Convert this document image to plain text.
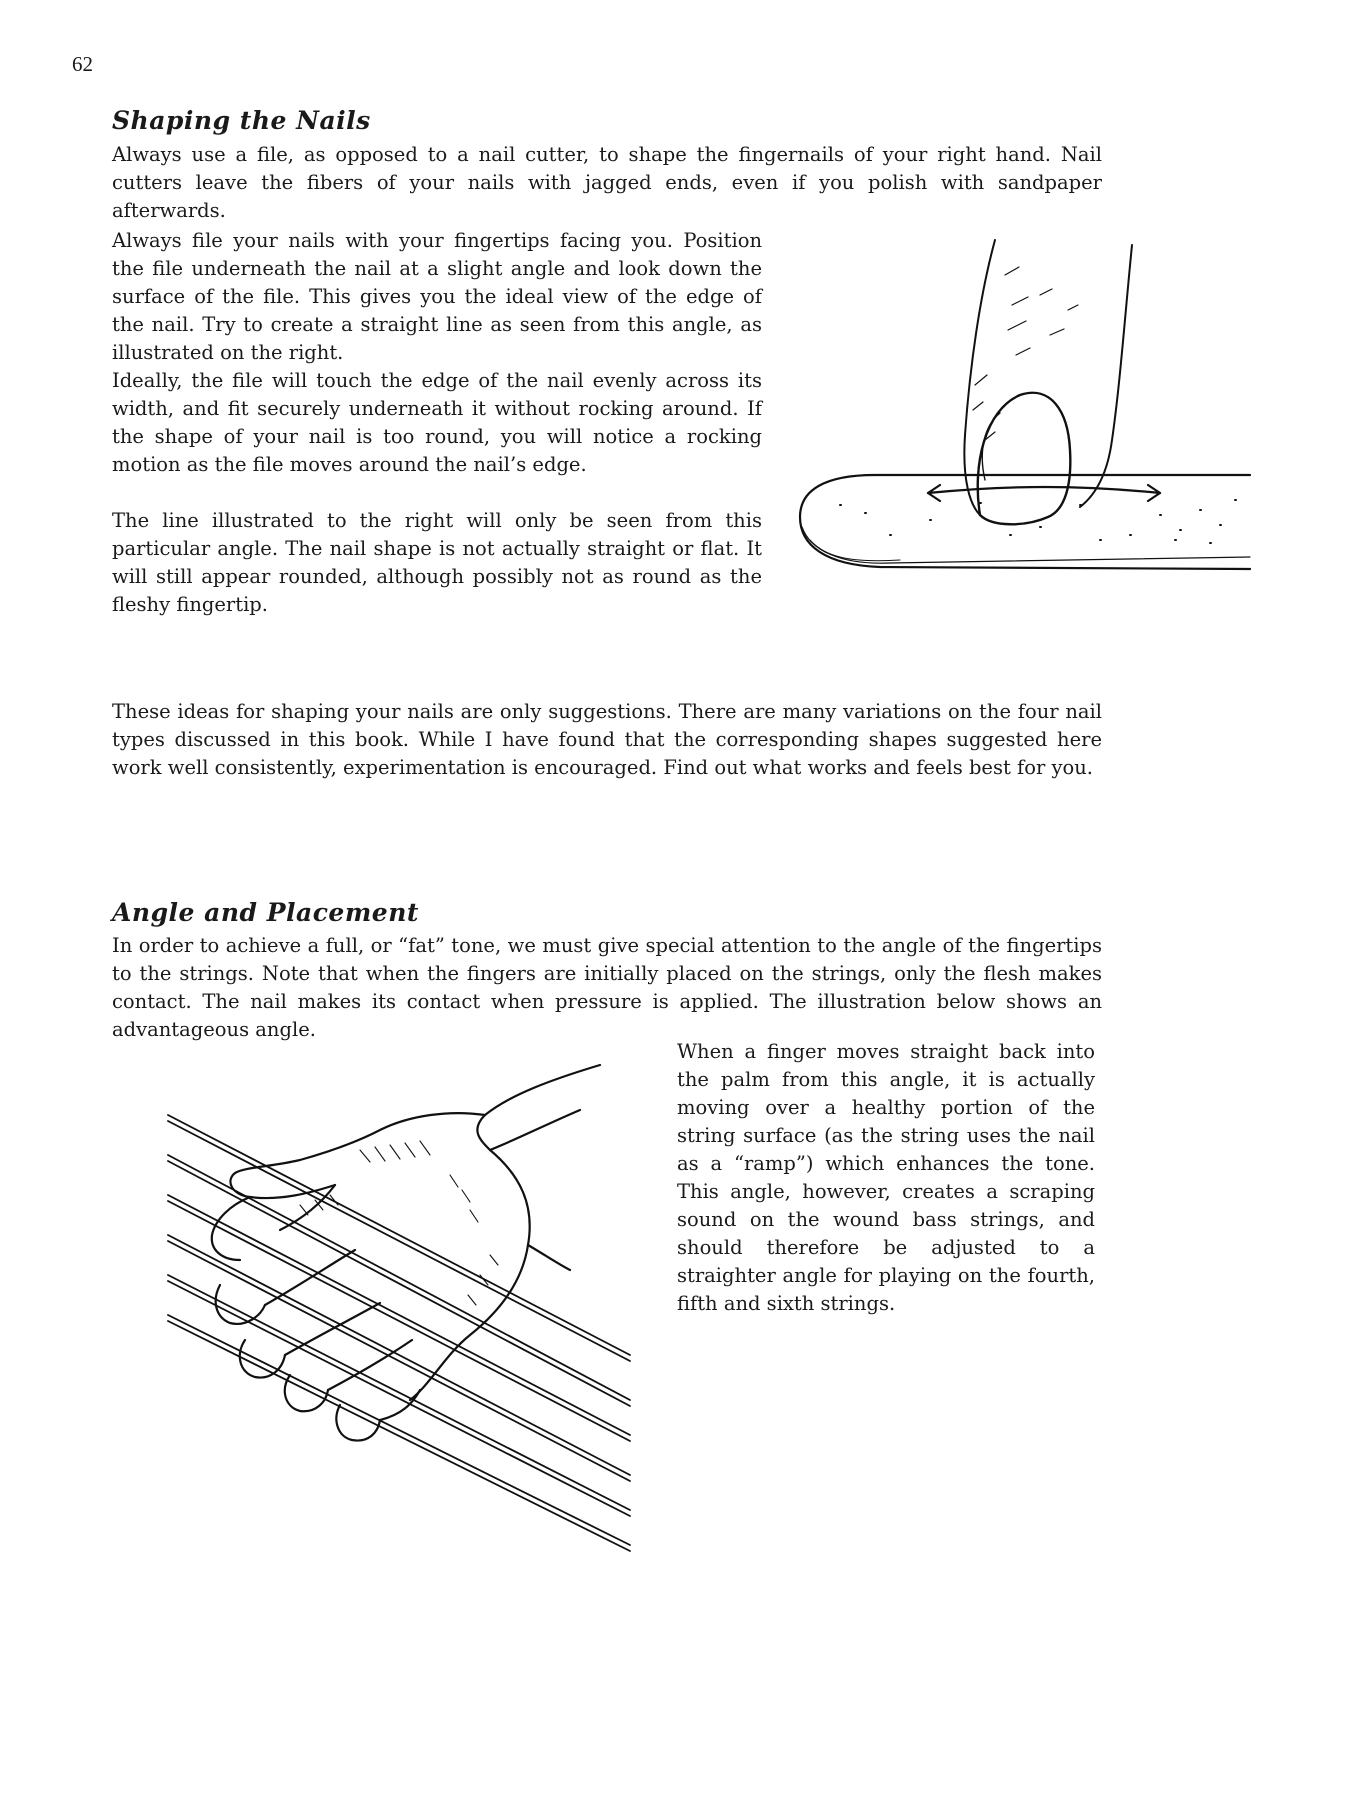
62
Shaping the Nails

Always use a file, as opposed to a nail cutter, to shape the fingernails of your right hand. Nail cutters leave the fibers of your nails with jagged ends, even if you polish with sandpaper afterwards.

Always file your nails with your fingertips facing you. Position the file underneath the nail at a slight angle and look down the surface of the file. This gives you the ideal view of the edge of the nail. Try to create a straight line as seen from this angle, as illustrated on the right.

Ideally, the file will touch the edge of the nail evenly across its width, and fit securely underneath it without rocking around. If the shape of your nail is too round, you will notice a rocking motion as the file moves around the nail’s edge.

The line illustrated to the right will only be seen from this particular angle. The nail shape is not actually straight or flat. It will still appear rounded, although possibly not as round as the fleshy fingertip.

These ideas for shaping your nails are only suggestions. There are many variations on the four nail types discussed in this book. While I have found that the corresponding shapes suggested here work well consistently, experimentation is encouraged. Find out what works and feels best for you.

Angle and Placement

In order to achieve a full, or “fat” tone, we must give special attention to the angle of the fingertips to the strings. Note that when the fingers are initially placed on the strings, only the flesh makes contact. The nail makes its contact when pressure is applied. The illustration below shows an advantageous angle.

When a finger moves straight back into the palm from this angle, it is actually moving over a healthy portion of the string surface (as the string uses the nail as a “ramp”) which enhances the tone. This angle, however, creates a scraping sound on the wound bass strings, and should therefore be adjusted to a straighter angle for playing on the fourth, fifth and sixth strings.
